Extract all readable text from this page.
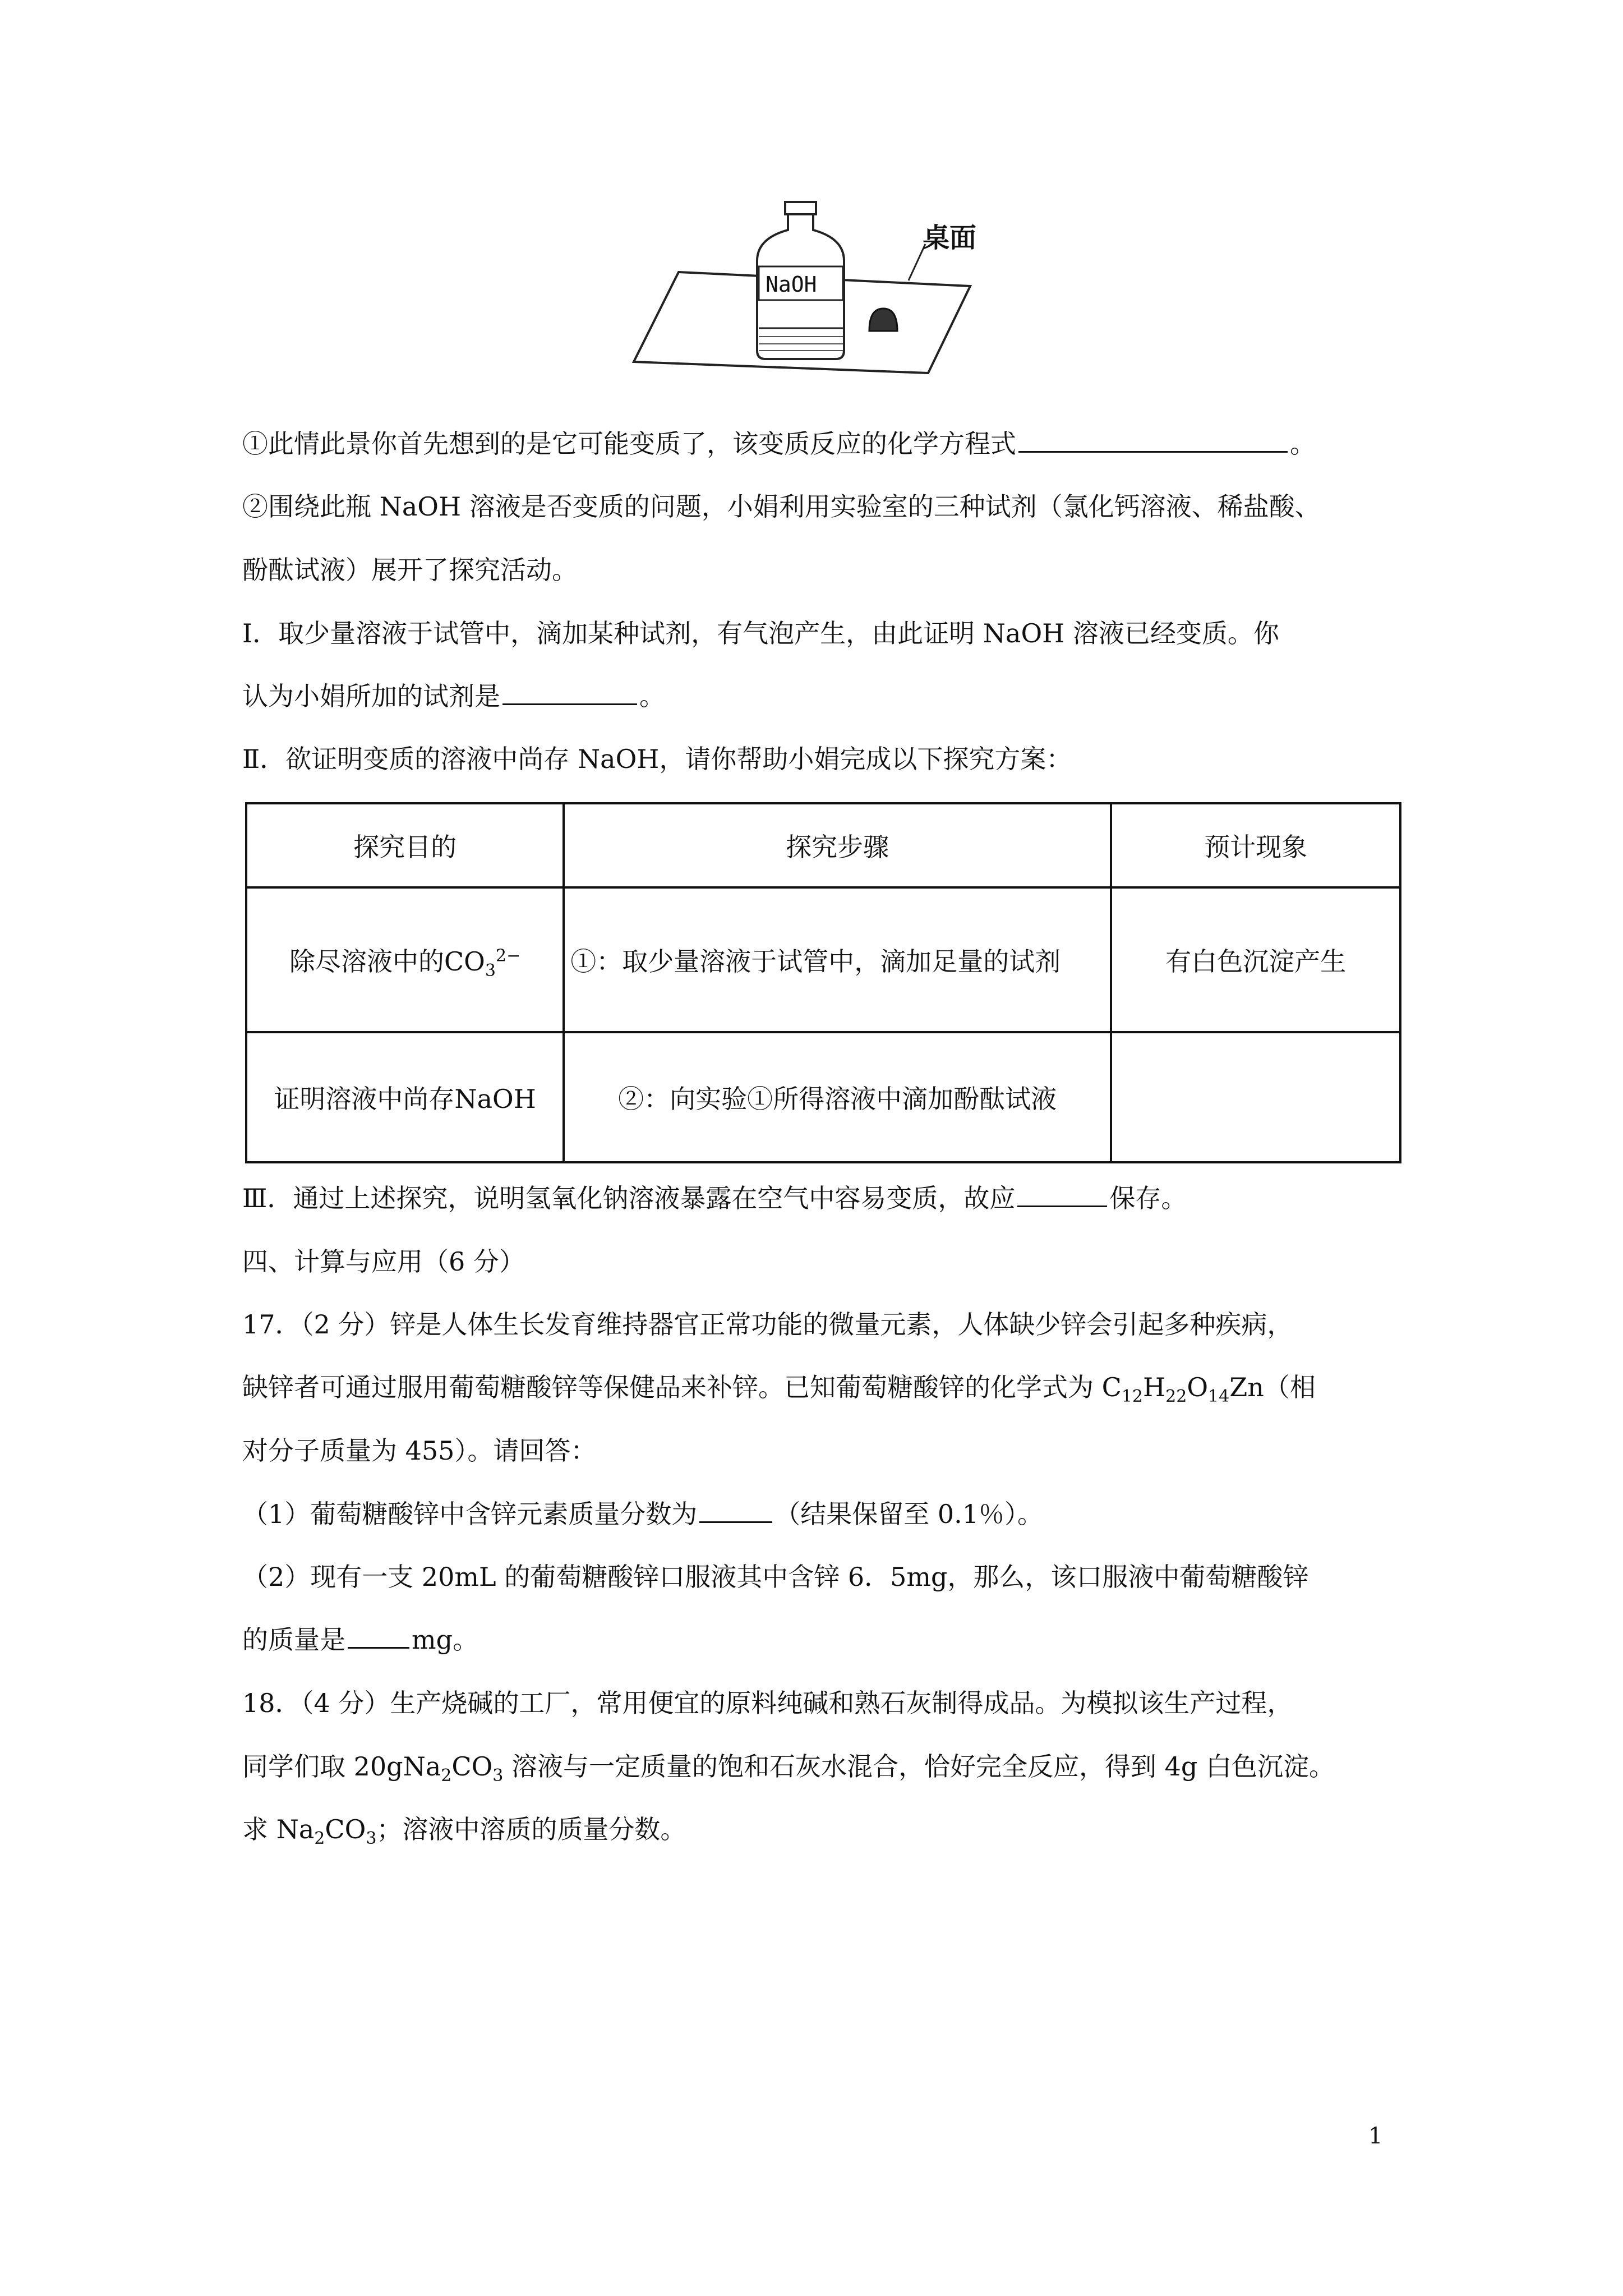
NaOH
桌面
①此情此景你首先想到的是它可能变质了，该变质反应的化学方程式	。
②围绕此瓶 NaOH 溶液是否变质的问题，小娟利用实验室的三种试剂（氯化钙溶液、稀盐酸、
酚酞试液）展开了探究活动。
Ⅰ．取少量溶液于试管中，滴加某种试剂，有气泡产生，由此证明 NaOH 溶液已经变质。你
认为小娟所加的试剂是	。
Ⅱ．欲证明变质的溶液中尚存 NaOH，请你帮助小娟完成以下探究方案：
探究目的	探究步骤	预计现象
除尽溶液中的$CO_3^{2-}$	①：取少量溶液于试管中，滴加足量的试剂	有白色沉淀产生
证明溶液中尚存NaOH	②：向实验①所得溶液中滴加酚酞试液	
Ⅲ．通过上述探究，说明氢氧化钠溶液暴露在空气中容易变质，故应	保存。
四、计算与应用（6 分）
17．（2 分）锌是人体生长发育维持器官正常功能的微量元素，人体缺少锌会引起多种疾病，
缺锌者可通过服用葡萄糖酸锌等保健品来补锌。已知葡萄糖酸锌的化学式为 $C_{12}H_{22}O_{14}Zn$（相
对分子质量为 455）。请回答：
（1）葡萄糖酸锌中含锌元素质量分数为	（结果保留至 0.1％）。
（2）现有一支 20mL 的葡萄糖酸锌口服液其中含锌 6．5mg，那么，该口服液中葡萄糖酸锌
的质量是	mg。
18．（4 分）生产烧碱的工厂，常用便宜的原料纯碱和熟石灰制得成品。为模拟该生产过程，
同学们取 $20gNa_2CO_3$ 溶液与一定质量的饱和石灰水混合，恰好完全反应，得到 4g 白色沉淀。
求 $Na_2CO_3$；溶液中溶质的质量分数。
1
